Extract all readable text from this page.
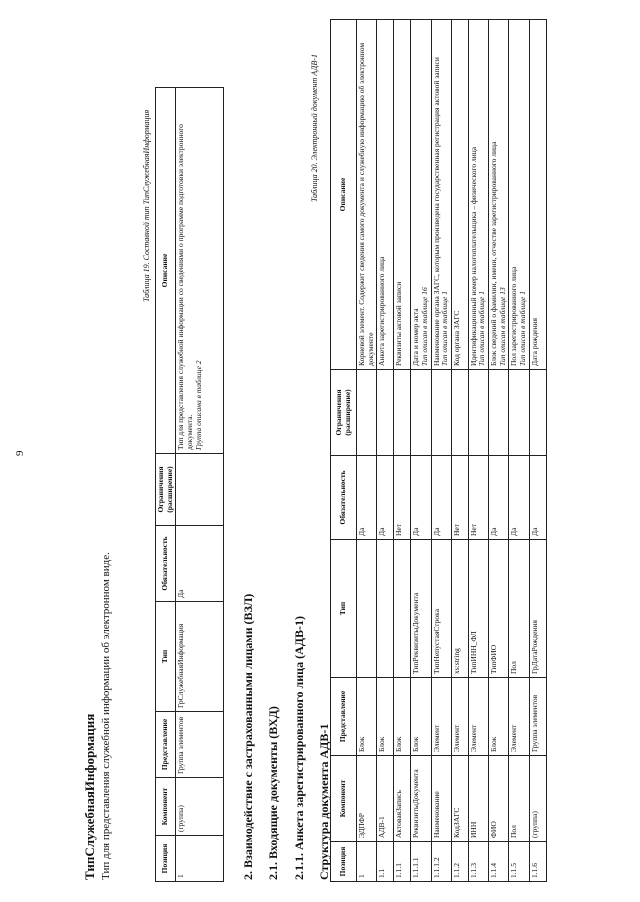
9
ТипСлужебнаяИнформация Тип для представления служебной информации об электронном виде.
Таблица 19. Составной тип ТипСлужебнаяИнформация
Позиция	Компонент	Представление	Тип	Обязательность	Ограничения (расширение)	Описание
1	(группа)	Группа элементов	ГрСлужебнаяИнформация	Да		Тип для представления служебной информации со сведениями о программе подготовки электронного документа. Группа описана в таблице 2
2. Взаимодействие с застрахованными лицами (ВЗЛ) 2.1. Входящие документы (ВХД) 2.1.1. Анкета зарегистрированного лица (АДВ-1) Структура документа АДВ-1
Таблица 20. Электронный документ АДВ-1
Позиция	Компонент	Представление	Тип	Обязательность	Ограничения (расширение)	Описание
1	ЭДПФР	Блок		Да		Корневой элемент. Содержит сведения самого документа и служебную информацию об электронном документе

1.1	АДВ-1	Блок		Да		Анкета зарегистрированного лица

1.1.1	АктоваяЗапись	Блок		Нет		Реквизиты актовой записи

1.1.1.1	РеквизитыДокумента	Блок	ТипРеквизитыДокумента	Да		Дата и номер акта Тип описан в таблице 16

1.1.1.2	Наименование	Элемент	ТипНепустаяСтрока	Да		Наименование органа ЗАГС, которым произведена государственная регистрация актовой записи Тип описан в таблице 1

1.1.2	КодЗАГС	Элемент	xs:string	Нет		Код органа ЗАГС

1.1.3	ИНН	Элемент	ТипИНН_ФЛ	Нет		Идентификационный номер налогоплательщика – физического лица Тип описан в таблице 1

1.1.4	ФИО	Блок	ТипФИО	Да		Блок сведений о фамилии, имени, отчестве зарегистрированного лица Тип описан в таблице 13

1.1.5	Пол	Элемент	Пол	Да		Пол зарегистрированного лица Тип описан в таблице 1

1.1.6	(группа)	Группа элементов	ГрДатаРождения	Да		Дата рождения
